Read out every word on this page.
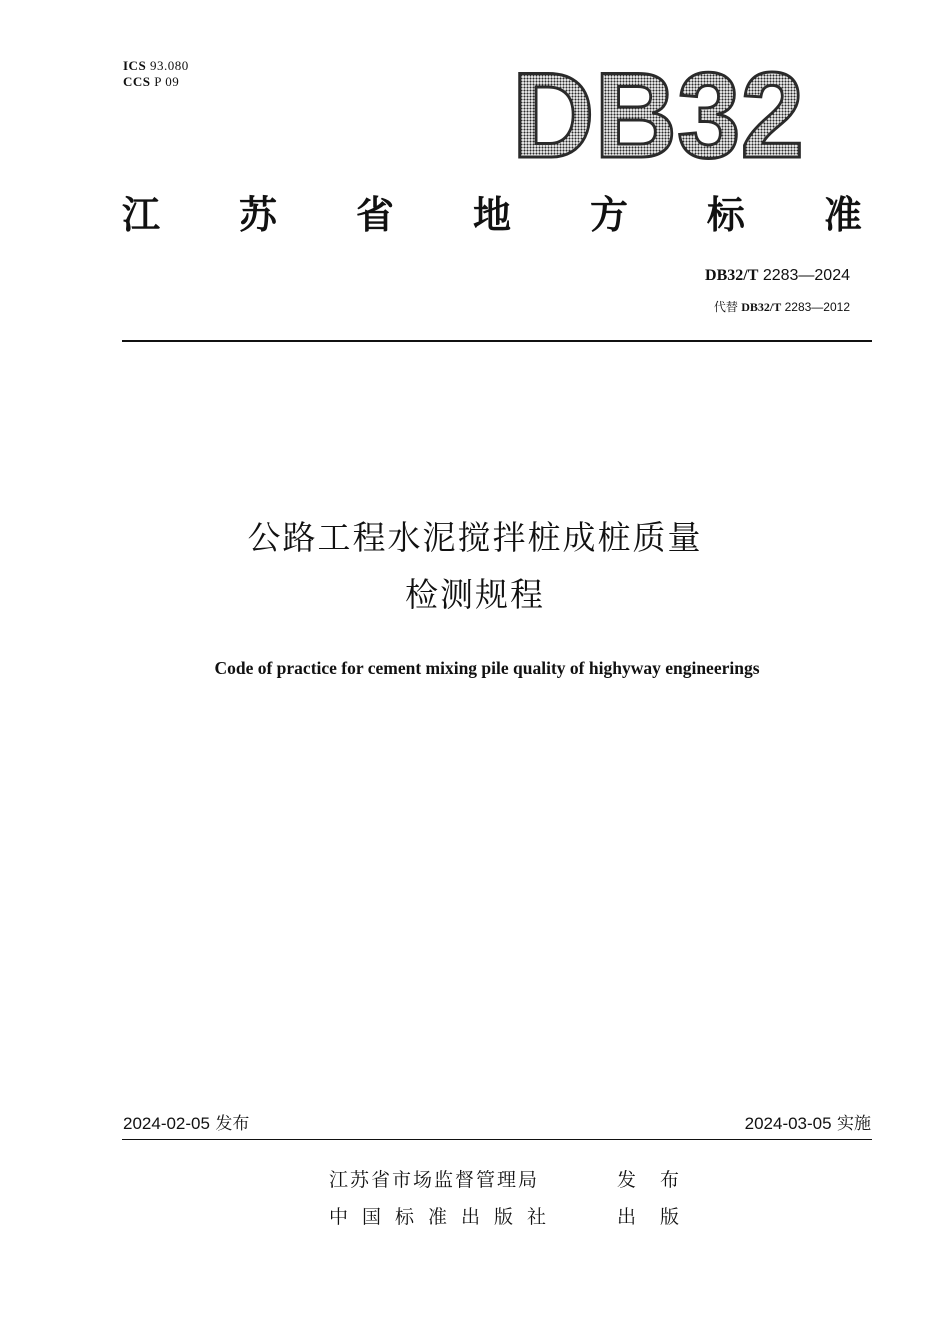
ICS 93.080
CCS P 09	DB32
江 苏 省 地 方 标 准
DB32/T 2283—2024
代替 DB32/T 2283—2012
公路工程水泥搅拌桩成桩质量
检测规程
Code of practice for cement mixing pile quality of highyway engineerings
2024-02-05 发布	2024-03-05 实施
江苏省市场监督管理局	发布
中国标准出版社	出版
